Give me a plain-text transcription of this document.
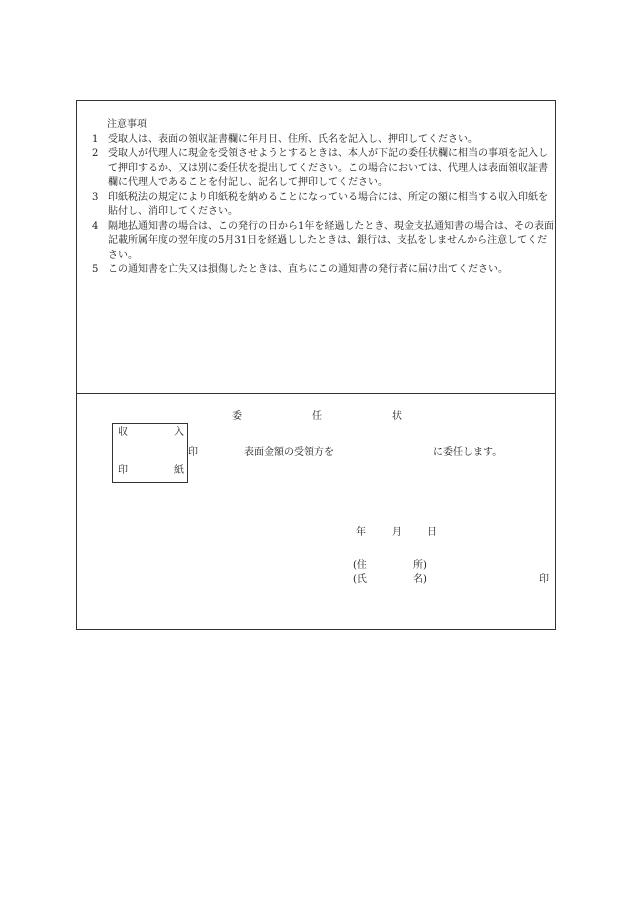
注意事項
1 受取人は、表面の領収証書欄に年月日、住所、氏名を記入し、押印してください。
2 受取人が代理人に現金を受領させようとするときは、本人が下記の委任状欄に相当の事項を記入して押印するか、又は別に委任状を提出してください。この場合においては、代理人は表面領収証書欄に代理人であることを付記し、記名して押印してください。
3 印紙税法の規定により印紙税を納めることになっている場合には、所定の額に相当する収入印紙を貼付し、消印してください。
4 隔地払通知書の場合は、この発行の日から1年を経過したとき、現金支払通知書の場合は、その表面記載所属年度の翌年度の5月31日を経過ししたときは、銀行は、支払をしませんから注意してください。
5 この通知書を亡失又は損傷したときは、直ちにこの通知書の発行者に届け出てください。
委	任	状
収	入
印	紙
印	表面金額の受領方を	に委任します。
年	月	日
(住	所)
(氏	名)	印
